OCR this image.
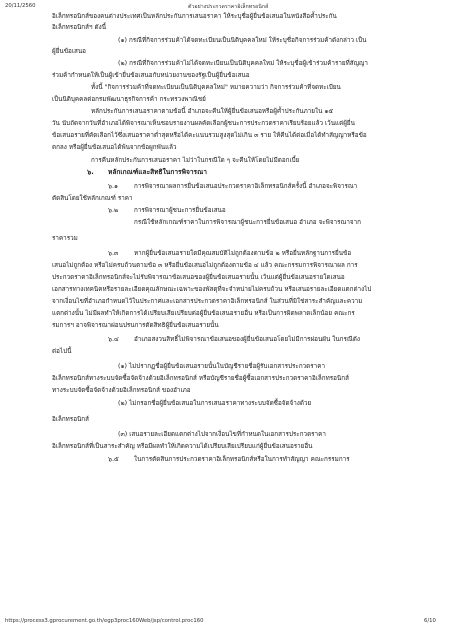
20/11/2560	ตัวอย่างประกวดราคาอิเล็กทรอนิกส์
อิเล็กทรอนิกส์ของคนต่างประเทศเป็นหลักประกันการเสนอราคา ให้ระบุชื่อผู้ยื่นข้อเสนอในหนังสือค้ำประกัน
อิเล็กทรอนิกส์ฯ ดังนี้
(๑) กรณีที่กิจการร่วมค้าได้จดทะเบียนเป็นนิติบุคคลใหม่ ให้ระบุชื่อกิจการร่วมค้าดังกล่าว เป็น
ผู้ยื่นข้อเสนอ
(๒) กรณีที่กิจการร่วมค้าไม่ได้จดทะเบียนเป็นนิติบุคคลใหม่ ให้ระบุชื่อผู้เข้าร่วมค้ารายที่สัญญา
ร่วมค้ากำหนดให้เป็นผู้เข้ายื่นข้อเสนอกับหน่วยงานของรัฐเป็นผู้ยื่นข้อเสนอ
ทั้งนี้ "กิจการร่วมค้าที่จดทะเบียนเป็นนิติบุคคลใหม่" หมายความว่า กิจการร่วมค้าที่จดทะเบียน
เป็นนิติบุคคลต่อกรมพัฒนาธุรกิจการค้า กระทรวงพาณิชย์
หลักประกันการเสนอราคาตามข้อนี้ อำเภอจะคืนให้ผู้ยื่นข้อเสนอหรือผู้ค้ำประกันภายใน ๑๕
วัน นับถัดจากวันที่อำเภอได้พิจารณาเห็นชอบรายงานผลคัดเลือกผู้ชนะการประกวดราคาเรียบร้อยแล้ว เว้นแต่ผู้ยื่น
ข้อเสนอรายที่คัดเลือกไว้ซึ่งเสนอราคาต่ำสุดหรือได้คะแนนรวมสูงสุดไม่เกิน ๓ ราย ให้คืนได้ต่อเมื่อได้ทำสัญญาหรือข้อ
ตกลง หรือผู้ยื่นข้อเสนอได้พ้นจากข้อผูกพันแล้ว
การคืนหลักประกันการเสนอราคา ไม่ว่าในกรณีใด ๆ จะคืนให้โดยไม่มีดอกเบี้ย
๖. หลักเกณฑ์และสิทธิในการพิจารณา
๖.๑	การพิจารณาผลการยื่นข้อเสนอประกวดราคาอิเล็กทรอนิกส์ครั้งนี้ อำเภอจะพิจารณา
ตัดสินโดยใช้หลักเกณฑ์ ราคา
๖.๒	การพิจารณาผู้ชนะการยื่นข้อเสนอ
กรณีใช้หลักเกณฑ์ราคาในการพิจารณาผู้ชนะการยื่นข้อเสนอ อำเภอ จะพิจารณาจาก
ราคารวม
๖.๓ หากผู้ยื่นข้อเสนอรายใดมีคุณสมบัติไม่ถูกต้องตามข้อ ๒ หรือยื่นหลักฐานการยื่นข้อ
เสนอไม่ถูกต้อง หรือไม่ครบถ้วนตามข้อ ๓ หรือยื่นข้อเสนอไม่ถูกต้องตามข้อ ๔ แล้ว คณะกรรมการพิจารณาผล การ
ประกวดราคาอิเล็กทรอนิกส์จะไม่รับพิจารณาข้อเสนอของผู้ยื่นข้อเสนอรายนั้น เว้นแต่ผู้ยื่นข้อเสนอรายใดเสนอ
เอกสารทางเทคนิคหรือรายละเอียดคุณลักษณะเฉพาะของพัสดุที่จะจำหน่ายไม่ครบถ้วน หรือเสนอรายละเอียดแตกต่างไป
จากเงื่อนไขที่อำเภอกำหนดไว้ในประกาศและเอกสารประกวดราคาอิเล็กทรอนิกส์ ในส่วนที่มิใช่สาระสำคัญและความ
แตกต่างนั้น ไม่มีผลทำให้เกิดการได้เปรียบเสียเปรียบต่อผู้ยื่นข้อเสนอรายอื่น หรือเป็นการผิดพลาดเล็กน้อย คณะกร
รมการฯ อาจพิจารณาผ่อนปรนการตัดสิทธิผู้ยื่นข้อเสนอรายนั้น
๖.๔ อำเภอสงวนสิทธิ์ไม่พิจารณาข้อเสนอของผู้ยื่นข้อเสนอโดยไม่มีการผ่อนผัน ในกรณีดัง
ต่อไปนี้
(๑) ไม่ปรากฏชื่อผู้ยื่นข้อเสนอรายนั้นในบัญชีรายชื่อผู้รับเอกสารประกวดราคา
อิเล็กทรอนิกส์ทางระบบจัดซื้อจัดจ้างด้วยอิเล็กทรอนิกส์ หรือบัญชีรายชื่อผู้ซื้อเอกสารประกวดราคาอิเล็กทรอนิกส์
ทางระบบจัดซื้อจัดจ้างด้วยอิเล็กทรอนิกส์ ของอำเภอ
(๒) ไม่กรอกชื่อผู้ยื่นข้อเสนอในการเสนอราคาทางระบบจัดซื้อจัดจ้างด้วย
อิเล็กทรอนิกส์
(๓) เสนอรายละเอียดแตกต่างไปจากเงื่อนไขที่กำหนดในเอกสารประกวดราคา
อิเล็กทรอนิกส์ที่เป็นสาระสำคัญ หรือมีผลทำให้เกิดความได้เปรียบเสียเปรียบแก่ผู้ยื่นข้อเสนอรายอื่น
๖.๕ ในการตัดสินการประกวดราคาอิเล็กทรอนิกส์หรือในการทำสัญญา คณะกรรมการ
https://process3.gprocurement.go.th/egp3proc160Web/jsp/control.proc160	6/10
